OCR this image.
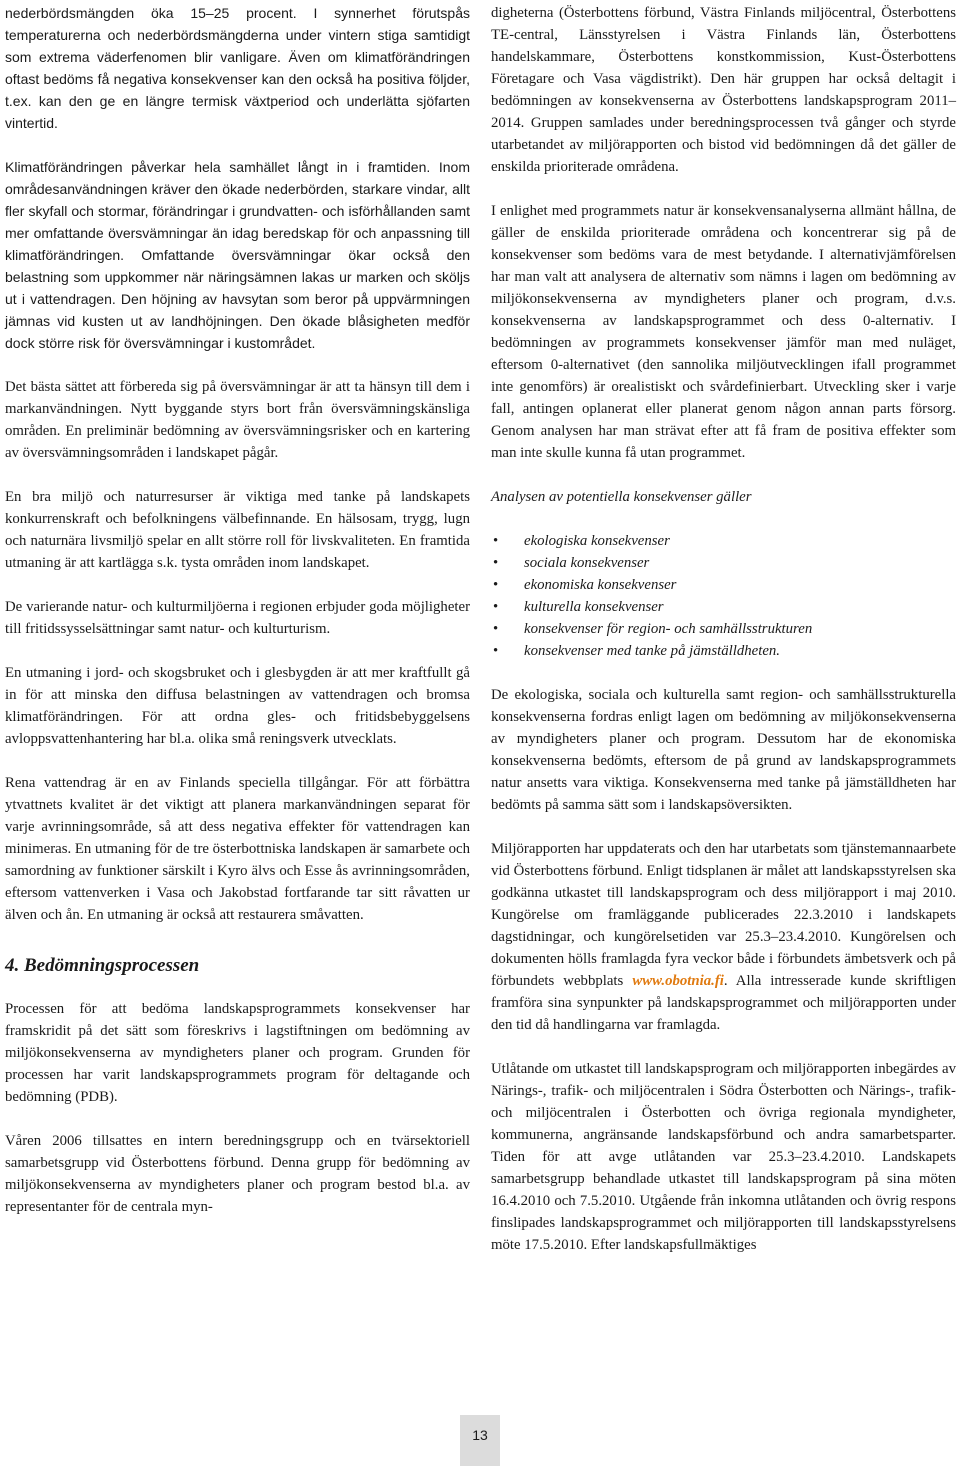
nederbördsmängden öka 15–25 procent. I synnerhet förutspås temperaturerna och nederbördsmängderna under vintern stiga samtidigt som extrema väderfenomen blir vanligare. Även om klimatförändringen oftast bedöms få negativa konsekvenser kan den också ha positiva följder, t.ex. kan den ge en längre termisk växtperiod och underlätta sjöfarten vintertid.

Klimatförändringen påverkar hela samhället långt in i framtiden. Inom områdesanvändningen kräver den ökade nederbörden, starkare vindar, allt fler skyfall och stormar, förändringar i grundvatten- och isförhållanden samt mer omfattande översvämningar än idag beredskap för och anpassning till klimatförändringen. Omfattande översvämningar ökar också den belastning som uppkommer när näringsämnen lakas ur marken och sköljs ut i vattendragen. Den höjning av havsytan som beror på uppvärmningen jämnas vid kusten ut av landhöjningen. Den ökade blåsigheten medför dock större risk för översvämningar i kustområdet.

Det bästa sättet att förbereda sig på översvämningar är att ta hänsyn till dem i markanvändningen. Nytt byggande styrs bort från översvämningskänsliga områden. En preliminär bedömning av översvämningsrisker och en kartering av översvämningsområden i landskapet pågår.

En bra miljö och naturresurser är viktiga med tanke på landskapets konkurrenskraft och befolkningens välbefinnande. En hälsosam, trygg, lugn och naturnära livsmiljö spelar en allt större roll för livskvaliteten. En framtida utmaning är att kartlägga s.k. tysta områden inom landskapet.

De varierande natur- och kulturmiljöerna i regionen erbjuder goda möjligheter till fritidssysselsättningar samt natur- och kulturturism.

En utmaning i jord- och skogsbruket och i glesbygden är att mer kraftfullt gå in för att minska den diffusa belastningen av vattendragen och bromsa klimatförändringen. För att ordna gles- och fritidsbebyggelsens avloppsvattenhantering har bl.a. olika små reningsverk utvecklats.

Rena vattendrag är en av Finlands speciella tillgångar. För att förbättra ytvattnets kvalitet är det viktigt att planera markanvändningen separat för varje avrinningsområde, så att dess negativa effekter för vattendragen kan minimeras. En utmaning för de tre österbottniska landskapen är samarbete och samordning av funktioner särskilt i Kyro älvs och Esse ås avrinningsområden, eftersom vattenverken i Vasa och Jakobstad fortfarande tar sitt råvatten ur älven och ån. En utmaning är också att restaurera småvatten.

4. Bedömningsprocessen

Processen för att bedöma landskapsprogrammets konsekvenser har framskridit på det sätt som föreskrivs i lagstiftningen om bedömning av miljökonsekvenserna av myndigheters planer och program. Grunden för processen har varit landskapsprogrammets program för deltagande och bedömning (PDB).

Våren 2006 tillsattes en intern beredningsgrupp och en tvärsektoriell samarbetsgrupp vid Österbottens förbund. Denna grupp för bedömning av miljökonsekvenserna av myndigheters planer och program bestod bl.a. av representanter för de centrala myn-

digheterna (Österbottens förbund, Västra Finlands miljöcentral, Österbottens TE-central, Länsstyrelsen i Västra Finlands län, Österbottens handelskammare, Österbottens konstkommission, Kust-Österbottens Företagare och Vasa vägdistrikt). Den här gruppen har också deltagit i bedömningen av konsekvenserna av Österbottens landskapsprogram 2011–2014. Gruppen samlades under beredningsprocessen två gånger och styrde utarbetandet av miljörapporten och bistod vid bedömningen då det gäller de enskilda prioriterade områdena.

I enlighet med programmets natur är konsekvensanalyserna allmänt hållna, de gäller de enskilda prioriterade områdena och koncentrerar sig på de konsekvenser som bedöms vara de mest betydande. I alternativjämförelsen har man valt att analysera de alternativ som nämns i lagen om bedömning av miljökonsekvenserna av myndigheters planer och program, d.v.s. konsekvenserna av landskapsprogrammet och dess 0-alternativ. I bedömningen av programmets konsekvenser jämför man med nuläget, eftersom 0-alternativet (den sannolika miljöutvecklingen ifall programmet inte genomförs) är orealistiskt och svårdefinierbart. Utveckling sker i varje fall, antingen oplanerat eller planerat genom någon annan parts försorg. Genom analysen har man strävat efter att få fram de positiva effekter som man inte skulle kunna få utan programmet.

Analysen av potentiella konsekvenser gäller

• ekologiska konsekvenser
• sociala konsekvenser
• ekonomiska konsekvenser
• kulturella konsekvenser
• konsekvenser för region- och samhällsstrukturen
• konsekvenser med tanke på jämställdheten.

De ekologiska, sociala och kulturella samt region- och samhällsstrukturella konsekvenserna fordras enligt lagen om bedömning av miljökonsekvenserna av myndigheters planer och program. Dessutom har de ekonomiska konsekvenserna bedömts, eftersom de på grund av landskapsprogrammets natur ansetts vara viktiga. Konsekvenserna med tanke på jämställdheten har bedömts på samma sätt som i landskapsöversikten.

Miljörapporten har uppdaterats och den har utarbetats som tjänstemannaarbete vid Österbottens förbund. Enligt tidsplanen är målet att landskapsstyrelsen ska godkänna utkastet till landskapsprogram och dess miljörapport i maj 2010. Kungörelse om framläggande publicerades 22.3.2010 i landskapets dagstidningar, och kungörelsetiden var 25.3–23.4.2010. Kungörelsen och dokumenten hölls framlagda fyra veckor både i förbundets ämbetsverk och på förbundets webbplats www.obotnia.fi. Alla intresserade kunde skriftligen framföra sina synpunkter på landskapsprogrammet och miljörapporten under den tid då handlingarna var framlagda.

Utlåtande om utkastet till landskapsprogram och miljörapporten inbegärdes av Närings-, trafik- och miljöcentralen i Södra Österbotten och Närings-, trafik- och miljöcentralen i Österbotten och övriga regionala myndigheter, kommunerna, angränsande landskapsförbund och andra samarbetsparter. Tiden för att avge utlåtanden var 25.3–23.4.2010. Landskapets samarbetsgrupp behandlade utkastet till landskapsprogram på sina möten 16.4.2010 och 7.5.2010. Utgående från inkomna utlåtanden och övrig respons finslipades landskapsprogrammet och miljörapporten till landskapsstyrelsens möte 17.5.2010. Efter landskapsfullmäktiges

13
